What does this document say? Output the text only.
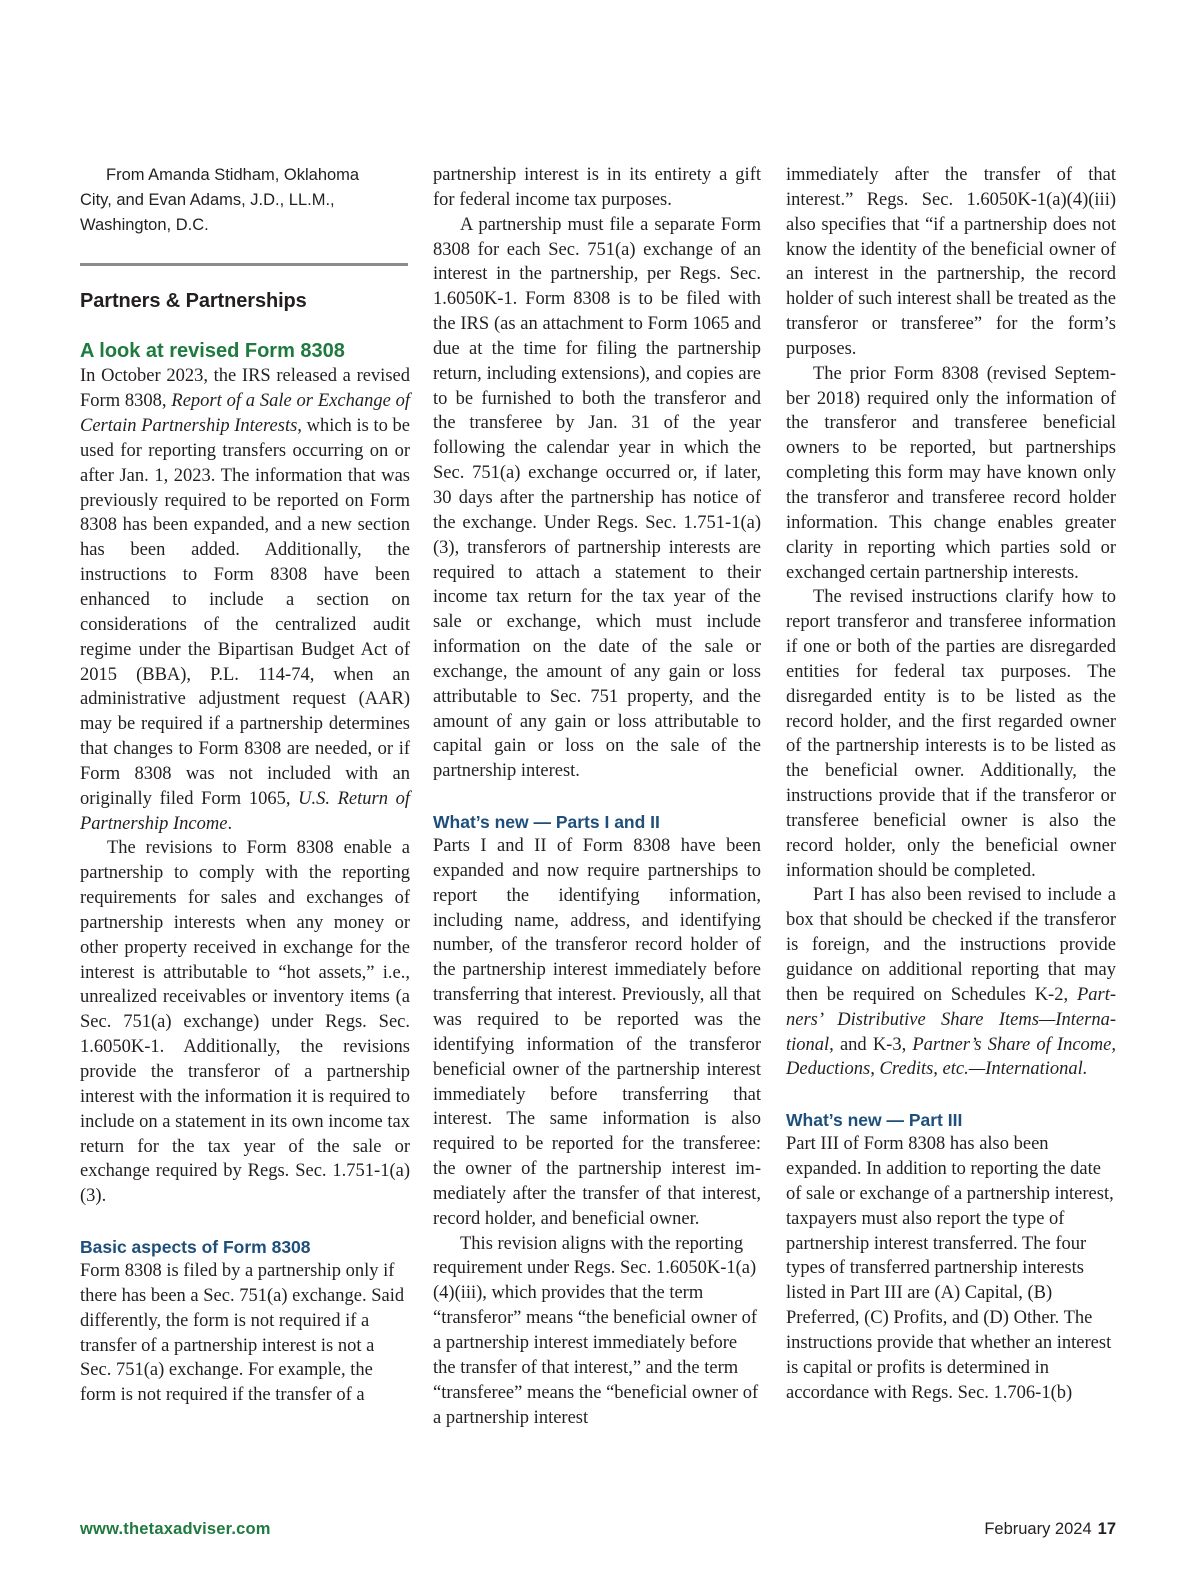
From Amanda Stidham, Oklahoma

City, and Evan Adams, J.D., LL.M.,

Washington, D.C.

Partners & Partnerships
A look at revised Form 8308

In October 2023, the IRS released a revised Form 8308, Report of a Sale or Exchange of Certain Partnership Interests, which is to be used for reporting transfers occurring on or after Jan. 1, 2023. The information that was previously required to be reported on Form 8308 has been expanded, and a new section has been added. Additionally, the instructions to Form 8308 have been enhanced to include a section on considerations of the centralized audit regime under the Bipartisan Budget Act of 2015 (BBA), P.L. 114-74, when an administrative adjustment request (AAR) may be required if a partnership determines that changes to Form 8308 are needed, or if Form 8308 was not included with an originally filed Form 1065, U.S. Return of Partnership Income.

The revisions to Form 8308 enable a partnership to comply with the reporting requirements for sales and exchanges of partnership interests when any money or other property received in exchange for the interest is attributable to “hot assets,” i.e., unrealized receivables or inventory items (a Sec. 751(a) exchange) under Regs. Sec. 1.6050K-1. Additionally, the revisions provide the transferor of a partnership interest with the information it is required to include on a statement in its own income tax return for the tax year of the sale or exchange required by Regs. Sec. 1.751-1(a)(3).

Basic aspects of Form 8308

Form 8308 is filed by a partnership only if there has been a Sec. 751(a) exchange. Said differently, the form is not required if a transfer of a partnership interest is not a Sec. 751(a) exchange. For example, the form is not required if the transfer of a

partnership interest is in its entirety a gift for federal income tax purposes.

A partnership must file a separate Form 8308 for each Sec. 751(a) exchange of an interest in the partnership, per Regs. Sec. 1.6050K-1. Form 8308 is to be filed with the IRS (as an attachment to Form 1065 and due at the time for filing the partnership return, including extensions), and copies are to be furnished to both the transferor and the transferee by Jan. 31 of the year following the calendar year in which the Sec. 751(a) exchange occurred or, if later, 30 days after the partnership has notice of the exchange. Under Regs. Sec. 1.751-1(a)(3), transferors of partnership interests are required to attach a statement to their income tax return for the tax year of the sale or exchange, which must include information on the date of the sale or exchange, the amount of any gain or loss attributable to Sec. 751 property, and the amount of any gain or loss attributable to capital gain or loss on the sale of the partnership interest.

What’s new — Parts I and II

Parts I and II of Form 8308 have been expanded and now require partnerships to report the identifying information, including name, address, and identifying number, of the transferor record holder of the partnership interest immediately before transferring that interest. Previously, all that was required to be reported was the identifying information of the transferor beneficial owner of the partnership interest immediately before transferring that interest. The same information is also required to be reported for the transferee: the owner of the partnership interest immediately after the transfer of that interest, record holder, and beneficial owner.

This revision aligns with the reporting requirement under Regs. Sec. 1.6050K-1(a)(4)(iii), which provides that the term “transferor” means “the beneficial owner of a partnership interest immediately before the transfer of that interest,” and the term “transferee” means the “beneficial owner of a partnership interest

immediately after the transfer of that interest.” Regs. Sec. 1.6050K-1(a)(4)(iii) also specifies that “if a partnership does not know the identity of the beneficial owner of an interest in the partnership, the record holder of such interest shall be treated as the transferor or transferee” for the form’s purposes.

The prior Form 8308 (revised September 2018) required only the information of the transferor and transferee beneficial owners to be reported, but partnerships completing this form may have known only the transferor and transferee record holder information. This change enables greater clarity in reporting which parties sold or exchanged certain partnership interests.

The revised instructions clarify how to report transferor and transferee information if one or both of the parties are disregarded entities for federal tax purposes. The disregarded entity is to be listed as the record holder, and the first regarded owner of the partnership interests is to be listed as the beneficial owner. Additionally, the instructions provide that if the transferor or transferee beneficial owner is also the record holder, only the beneficial owner information should be completed.

Part I has also been revised to include a box that should be checked if the transferor is foreign, and the instructions provide guidance on additional reporting that may then be required on Schedules K-2, Partners’ Distributive Share Items—International, and K-3, Partner’s Share of Income, Deductions, Credits, etc.—International.

What’s new — Part III

Part III of Form 8308 has also been expanded. In addition to reporting the date of sale or exchange of a partnership interest, taxpayers must also report the type of partnership interest transferred. The four types of transferred partnership interests listed in Part III are (A) Capital, (B) Preferred, (C) Profits, and (D) Other. The instructions provide that whether an interest is capital or profits is determined in accordance with Regs. Sec. 1.706-1(b)

www.thetaxadviser.com	February 2024 17
